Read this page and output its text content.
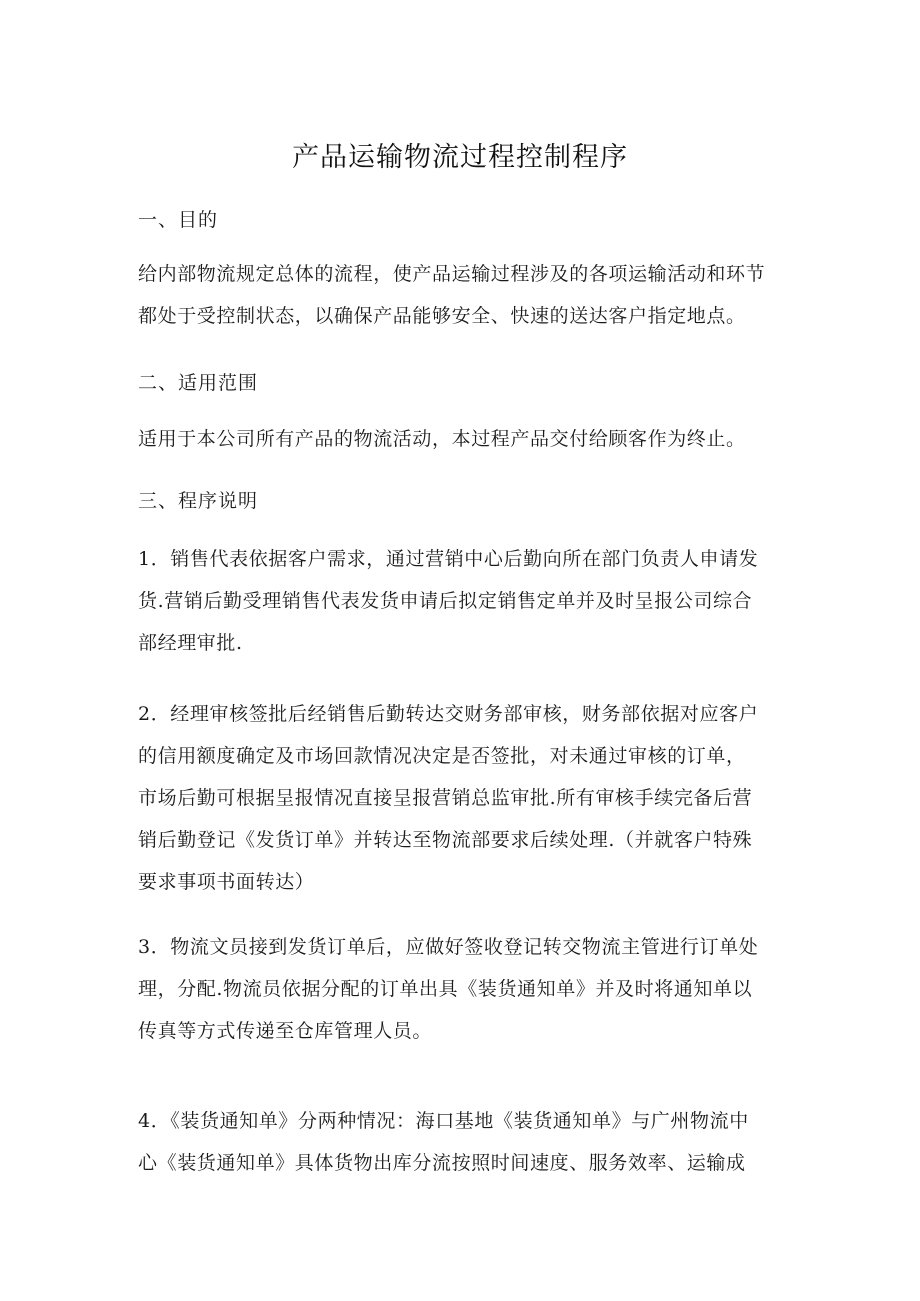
产品运输物流过程控制程序
一、目的
给内部物流规定总体的流程，使产品运输过程涉及的各项运输活动和环节
都处于受控制状态，以确保产品能够安全、快速的送达客户指定地点。
二、适用范围
适用于本公司所有产品的物流活动，本过程产品交付给顾客作为终止。
三、程序说明
1．销售代表依据客户需求，通过营销中心后勤向所在部门负责人申请发
货.营销后勤受理销售代表发货申请后拟定销售定单并及时呈报公司综合
部经理审批.
2．经理审核签批后经销售后勤转达交财务部审核，财务部依据对应客户
的信用额度确定及市场回款情况决定是否签批，对未通过审核的订单，
市场后勤可根据呈报情况直接呈报营销总监审批.所有审核手续完备后营
销后勤登记《发货订单》并转达至物流部要求后续处理.（并就客户特殊
要求事项书面转达）
3．物流文员接到发货订单后，应做好签收登记转交物流主管进行订单处
理，分配.物流员依据分配的订单出具《装货通知单》并及时将通知单以
传真等方式传递至仓库管理人员。
4．《装货通知单》分两种情况：海口基地《装货通知单》与广州物流中
心《装货通知单》具体货物出库分流按照时间速度、服务效率、运输成
